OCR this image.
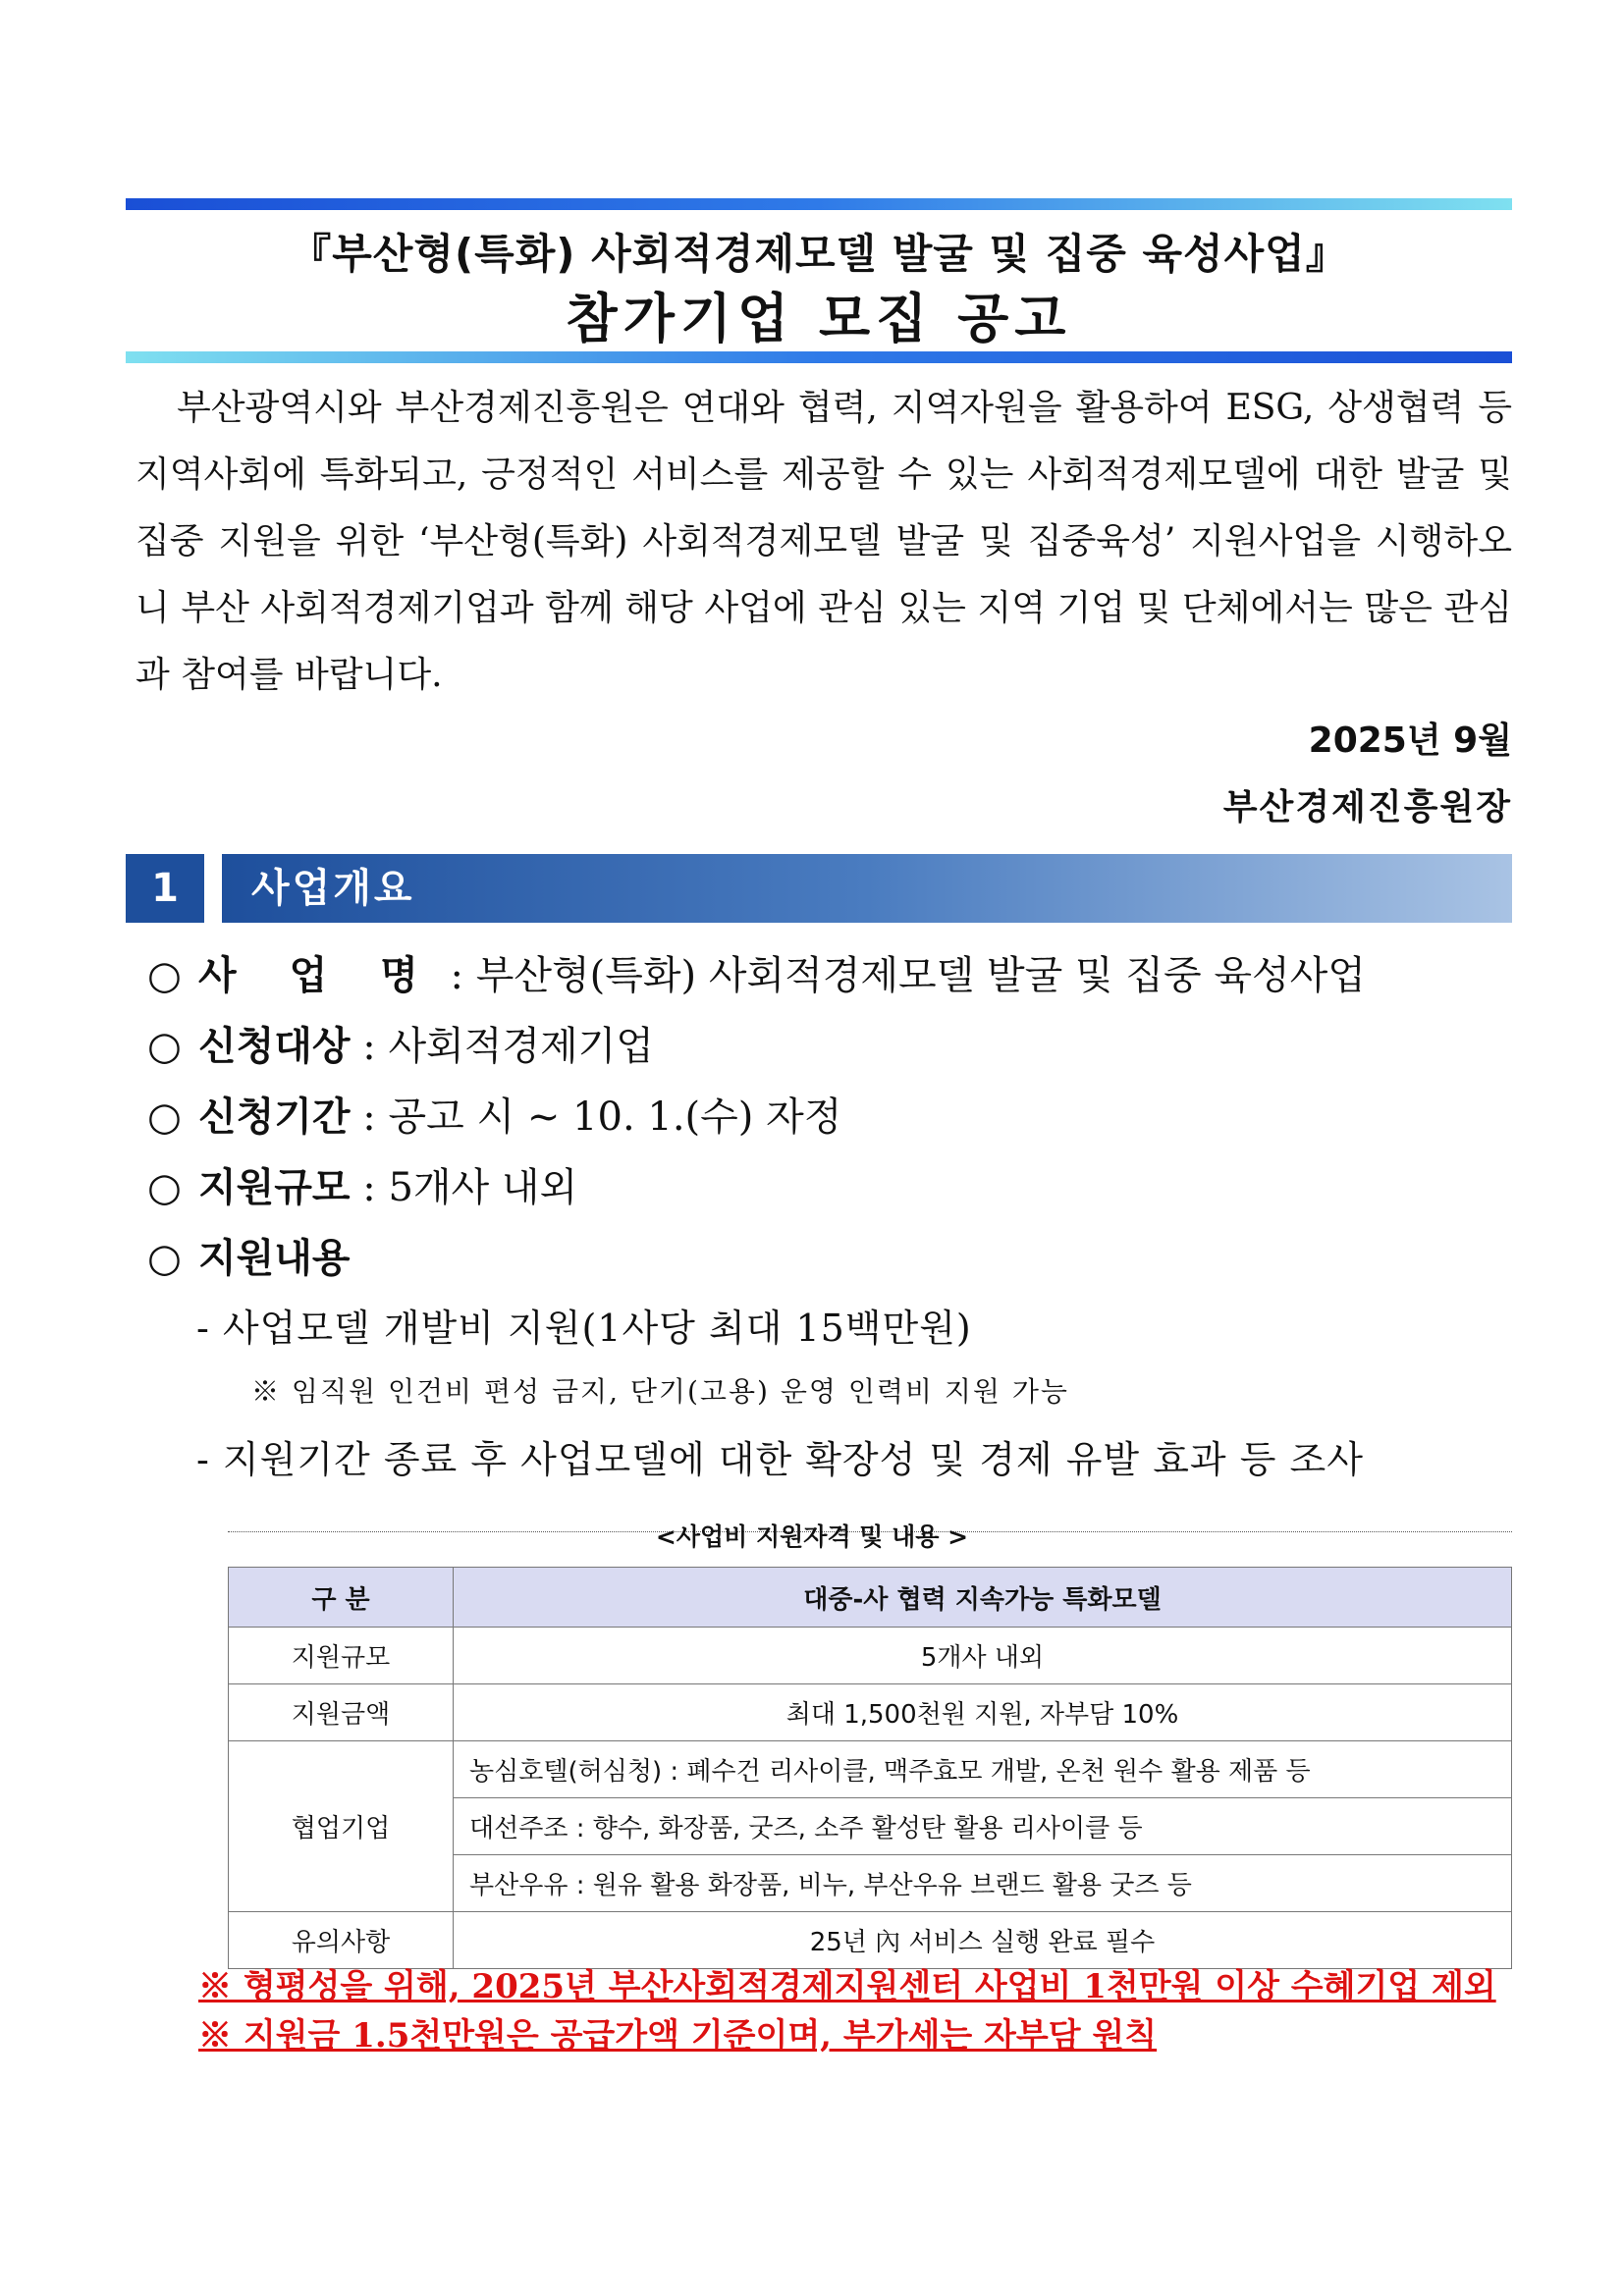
『부산형(특화) 사회적경제모델 발굴 및 집중 육성사업』
참가기업 모집 공고
부산광역시와 부산경제진흥원은 연대와 협력, 지역자원을 활용하여 ESG, 상생협력 등 지역사회에 특화되고, 긍정적인 서비스를 제공할 수 있는 사회적경제모델에 대한 발굴 및 집중 지원을 위한 ‘부산형(특화) 사회적경제모델 발굴 및 집중육성’ 지원사업을 시행하오니 부산 사회적경제기업과 함께 해당 사업에 관심 있는 지역 기업 및 단체에서는 많은 관심과 참여를 바랍니다.
2025년 9월
부산경제진흥원장
1	사업개요
○ 사 업 명 : 부산형(특화) 사회적경제모델 발굴 및 집중 육성사업
○ 신청대상 : 사회적경제기업
○ 신청기간 : 공고 시 ~ 10. 1.(수) 자정
○ 지원규모 : 5개사 내외
○ 지원내용
- 사업모델 개발비 지원(1사당 최대 15백만원)
※ 임직원 인건비 편성 금지, 단기(고용) 운영 인력비 지원 가능
- 지원기간 종료 후 사업모델에 대한 확장성 및 경제 유발 효과 등 조사
<사업비 지원자격 및 내용 >
구 분	대중-사 협력 지속가능 특화모델
지원규모	5개사 내외
지원금액	최대 1,500천원 지원, 자부담 10%
협업기업	농심호텔(허심청) : 폐수건 리사이클, 맥주효모 개발, 온천 원수 활용 제품 등
	대선주조 : 향수, 화장품, 굿즈, 소주 활성탄 활용 리사이클 등
	부산우유 : 원유 활용 화장품, 비누, 부산우유 브랜드 활용 굿즈 등
유의사항	25년 內 서비스 실행 완료 필수
※ 형평성을 위해, 2025년 부산사회적경제지원센터 사업비 1천만원 이상 수혜기업 제외
※ 지원금 1.5천만원은 공급가액 기준이며, 부가세는 자부담 원칙
